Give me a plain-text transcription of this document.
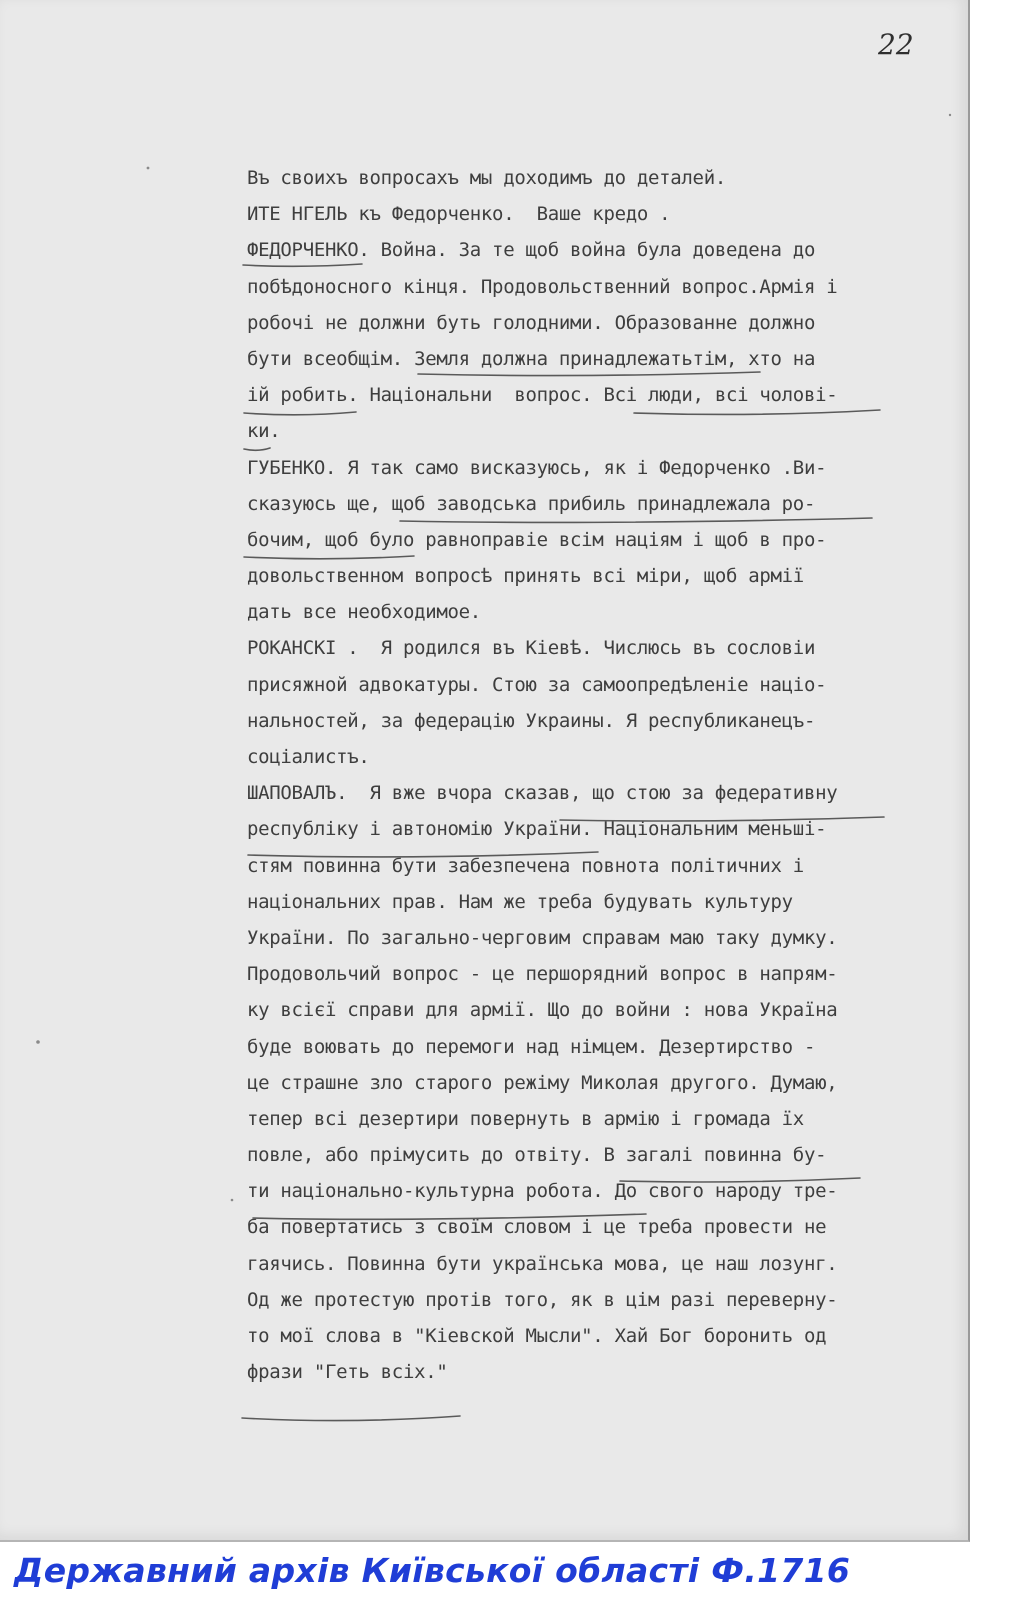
22
Въ своихъ вопросахъ мы доходимъ до деталей.
ИТЕ НГЕЛЬ къ Федорченко.  Ваше кредо .
ФЕДОРЧЕНКО. Война. За те щоб война була доведена до
побѣдоносного кінця. Продовольственний вопрос.Армія і
робочі не должни буть голодними. Образованне должно
бути всеобщім. Земля должна принадлежатьтім, хто на
ій робить. Національни  вопрос. Всі люди, всі чолові-
ки.
ГУБЕНКО. Я так само висказуюсь, як і Федорченко .Ви-
сказуюсь ще, щоб заводська прибиль принадлежала ро-
бочим, щоб було равноправіе всім націям і щоб в про-
довольственном вопросѣ принять всі міри, щоб армії
дать все необходимое.
РОКАНСКІ .  Я родился въ Кіевѣ. Числюсь въ сословіи
присяжной адвокатуры. Стою за самоопредѣленіе націо-
нальностей, за федерацію Украины. Я республиканецъ-
соціалистъ.
ШАПОВАЛЪ.  Я вже вчора сказав, що стою за федеративну
республіку і автономію України. Національним меньші-
стям повинна бути забезпечена повнота політичних і
національних прав. Нам же треба будувать культуру
України. По загально-черговим справам маю таку думку.
Продовольчий вопрос - це першорядний вопрос в напрям-
ку всієї справи для армії. Що до войни : нова Україна
буде воювать до перемоги над німцем. Дезертирство -
це страшне зло старого режіму Миколая другого. Думаю,
тепер всі дезертири повернуть в армію і громада їх
повле, або прімусить до отвіту. В загалі повинна бу-
ти національно-культурна робота. До свого народу тре-
ба повертатись з своїм словом і це треба провести не
гаячись. Повинна бути українська мова, це наш лозунг.
Од же протестую протів того, як в цім разі переверну-
то мої слова в "Кіевской Мысли". Хай Бог боронить од
фрази "Геть всіх."
Державний архів Київської області Ф.1716
